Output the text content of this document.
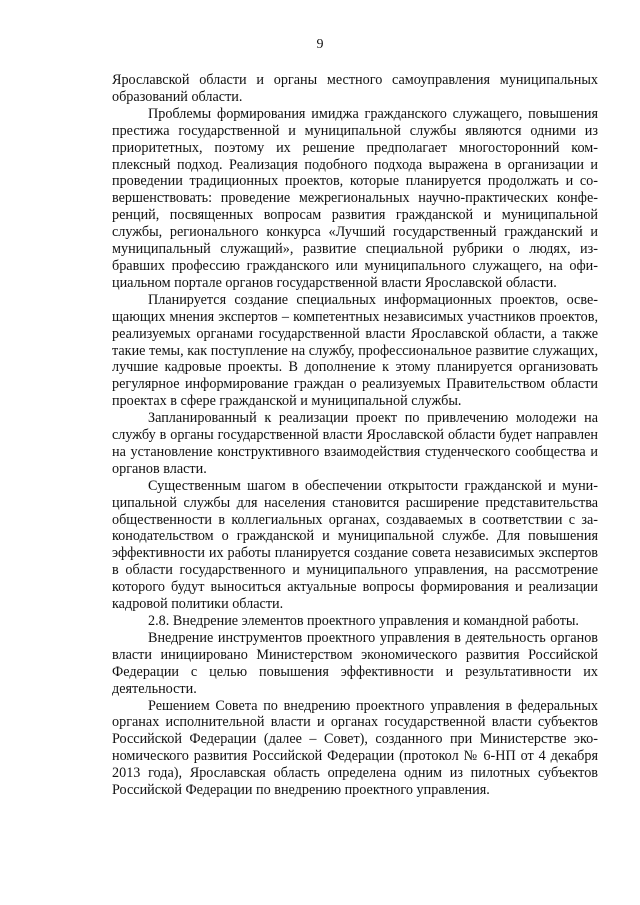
9

Ярославской области и органы местного самоуправления муниципальных образований области.

Проблемы формирования имиджа гражданского служащего, повышения престижа государственной и муниципальной службы являются одними из приоритетных, поэтому их решение предполагает многосторонний комплексный подход. Реализация подобного подхода выражена в организации и проведении традиционных проектов, которые планируется продолжать и совершенствовать: проведение межрегиональных научно-практических конференций, посвященных вопросам развития гражданской и муниципальной службы, регионального конкурса «Лучший государственный гражданский и муниципальный служащий», развитие специальной рубрики о людях, избравших профессию гражданского или муниципального служащего, на официальном портале органов государственной власти Ярославской области.

Планируется создание специальных информационных проектов, освещающих мнения экспертов – компетентных независимых участников проектов, реализуемых органами государственной власти Ярославской области, а также такие темы, как поступление на службу, профессиональное развитие служащих, лучшие кадровые проекты. В дополнение к этому планируется организовать регулярное информирование граждан о реализуемых Правительством области проектах в сфере гражданской и муниципальной службы.

Запланированный к реализации проект по привлечению молодежи на службу в органы государственной власти Ярославской области будет направлен на установление конструктивного взаимодействия студенческого сообщества и органов власти.

Существенным шагом в обеспечении открытости гражданской и муниципальной службы для населения становится расширение представительства общественности в коллегиальных органах, создаваемых в соответствии с законодательством о гражданской и муниципальной службе. Для повышения эффективности их работы планируется создание совета независимых экспертов в области государственного и муниципального управления, на рассмотрение которого будут выноситься актуальные вопросы формирования и реализации кадровой политики области.

2.8. Внедрение элементов проектного управления и командной работы.

Внедрение инструментов проектного управления в деятельность органов власти инициировано Министерством экономического развития Российской Федерации с целью повышения эффективности и результативности их деятельности.

Решением Совета по внедрению проектного управления в федеральных органах исполнительной власти и органах государственной власти субъектов Российской Федерации (далее – Совет), созданного при Министерстве экономического развития Российской Федерации (протокол № 6-НП от 4 декабря 2013 года), Ярославская область определена одним из пилотных субъектов Российской Федерации по внедрению проектного управления.
